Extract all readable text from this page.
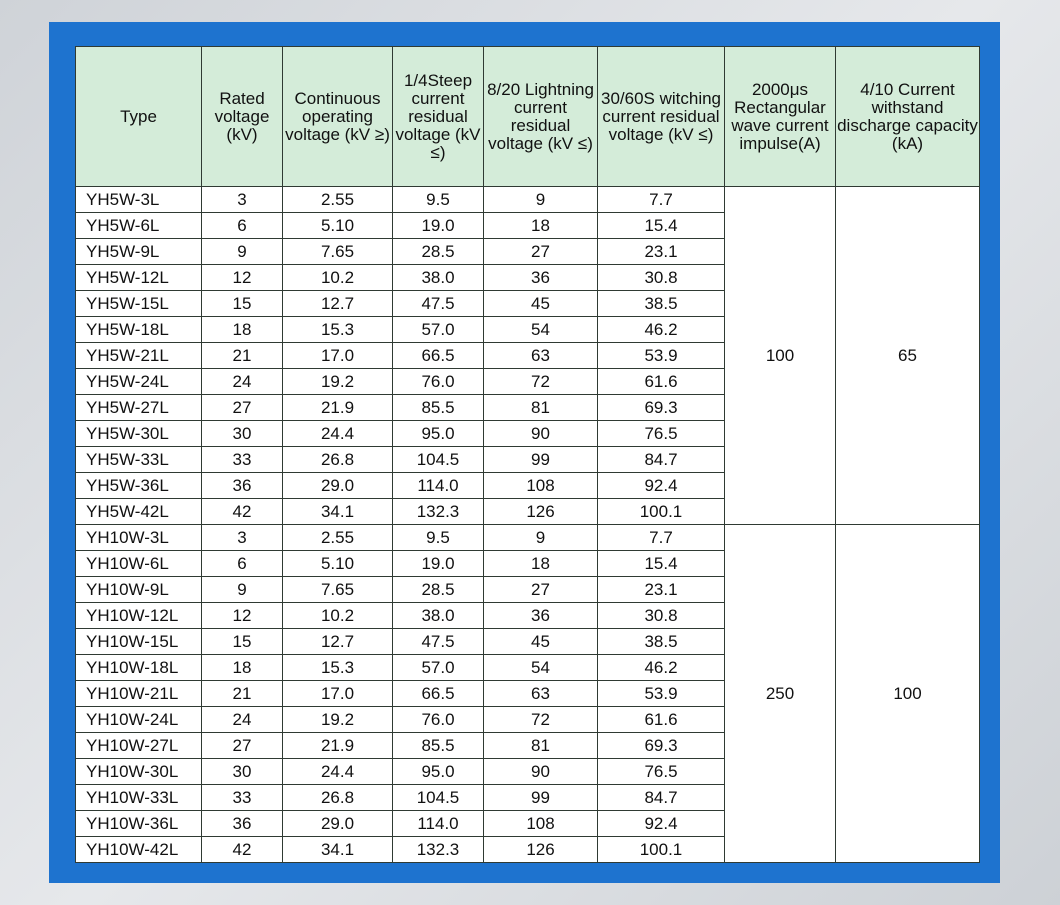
Type	Rated voltage (kV)	Continuous operating voltage (kV ≥)	1/4Steep current residual voltage (kV ≤)	8/20 Lightning current residual voltage (kV ≤)	30/60S witching current residual voltage (kV ≤)	2000μs Rectangular wave current impulse(A)	4/10 Current withstand discharge capacity (kA)
YH5W-3L	3	2.55	9.5	9	7.7	100	65
YH5W-6L	6	5.10	19.0	18	15.4		
YH5W-9L	9	7.65	28.5	27	23.1		
YH5W-12L	12	10.2	38.0	36	30.8		
YH5W-15L	15	12.7	47.5	45	38.5		
YH5W-18L	18	15.3	57.0	54	46.2		
YH5W-21L	21	17.0	66.5	63	53.9		
YH5W-24L	24	19.2	76.0	72	61.6		
YH5W-27L	27	21.9	85.5	81	69.3		
YH5W-30L	30	24.4	95.0	90	76.5		
YH5W-33L	33	26.8	104.5	99	84.7		
YH5W-36L	36	29.0	114.0	108	92.4		
YH5W-42L	42	34.1	132.3	126	100.1		
YH10W-3L	3	2.55	9.5	9	7.7	250	100
YH10W-6L	6	5.10	19.0	18	15.4		
YH10W-9L	9	7.65	28.5	27	23.1		
YH10W-12L	12	10.2	38.0	36	30.8		
YH10W-15L	15	12.7	47.5	45	38.5		
YH10W-18L	18	15.3	57.0	54	46.2		
YH10W-21L	21	17.0	66.5	63	53.9		
YH10W-24L	24	19.2	76.0	72	61.6		
YH10W-27L	27	21.9	85.5	81	69.3		
YH10W-30L	30	24.4	95.0	90	76.5		
YH10W-33L	33	26.8	104.5	99	84.7		
YH10W-36L	36	29.0	114.0	108	92.4		
YH10W-42L	42	34.1	132.3	126	100.1		
